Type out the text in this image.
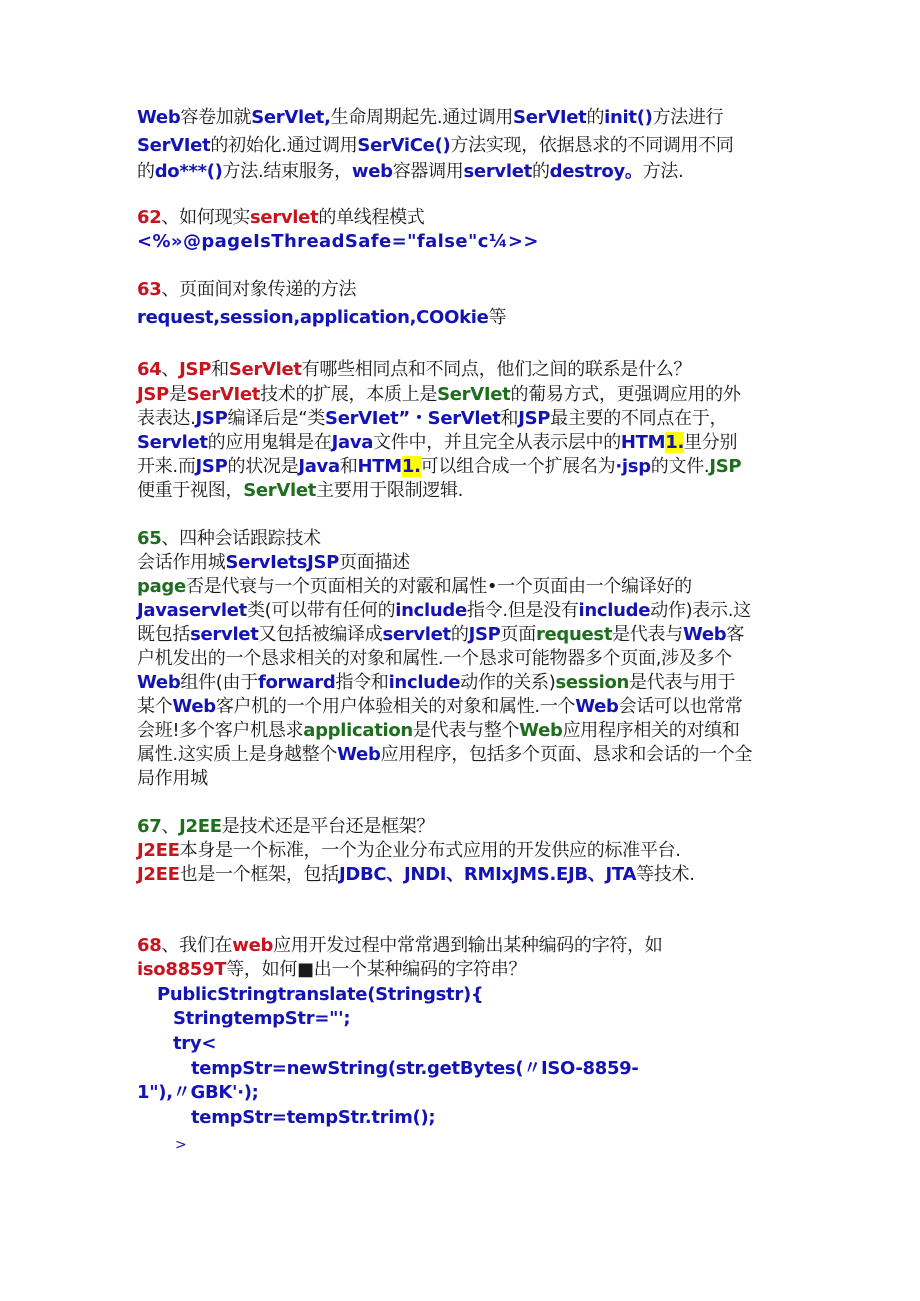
Web容卷加就SerVlet,生命周期起先.通过调用SerVIet的init()方法进行
SerVIet的初始化.通过调用SerViCe()方法实现，依据恳求的不同调用不同
的do***()方法.结束服务，web容器调用servlet的destroy。方法.
62、如何现实servlet的单线程模式
<%»@pageIsThreadSafe="false"c¼>>
63、页面间对象传递的方法
request,session,application,COOkie等
64、JSP和SerVlet有哪些相同点和不同点，他们之间的联系是什么？
JSP是SerVIet技术的扩展，本质上是SerVIet的葡易方式，更强调应用的外
表表达.JSP编译后是“类SerVIet”・SerVlet和JSP最主要的不同点在于，
Servlet的应用鬼辑是在Java文件中，并且完全从表示层中的HTM1.里分别
开来.而JSP的状况是Java和HTM1.可以组合成一个扩展名为·jsp的文件.JSP
便重于视图，SerVlet主要用于限制逻辑.
65、四种会话跟踪技术
会话作用城ServIetsJSP页面描述
page否是代衰与一个页面相关的对霰和属性•一个页面由一个编译好的
Javaservlet类(可以带有任何的include指令.但是没有include动作)表示.这
既包括servlet又包括被编译成servlet的JSP页面request是代表与Web客
户机发出的一个恳求相关的对象和属性.一个恳求可能物器多个页面,涉及多个
Web组件(由于forward指令和include动作的关系)session是代表与用于
某个Web客户机的一个用户体验相关的对象和属性.一个Web会话可以也常常
会班!多个客户机恳求application是代表与整个Web应用程序相关的对缜和
属性.这实质上是身越整个Web应用程序，包括多个页面、恳求和会话的一个全
局作用城
67、J2EE是技术还是平台还是框架？
J2EE本身是一个标准，一个为企业分布式应用的开发供应的标准平台.
J2EE也是一个框架，包括JDBC、JNDI、RMIxJMS.EJB、JTA等技术.
68、我们在web应用开发过程中常常遇到输出某种编码的字符，如
iso8859T等，如何■出一个某种编码的字符串？
PublicStringtranslate(Stringstr){
StringtempStr="';
try<
tempStr=newString(str.getBytes(〃ISO-8859-
1"),〃GBK'·);
tempStr=tempStr.trim();
>
